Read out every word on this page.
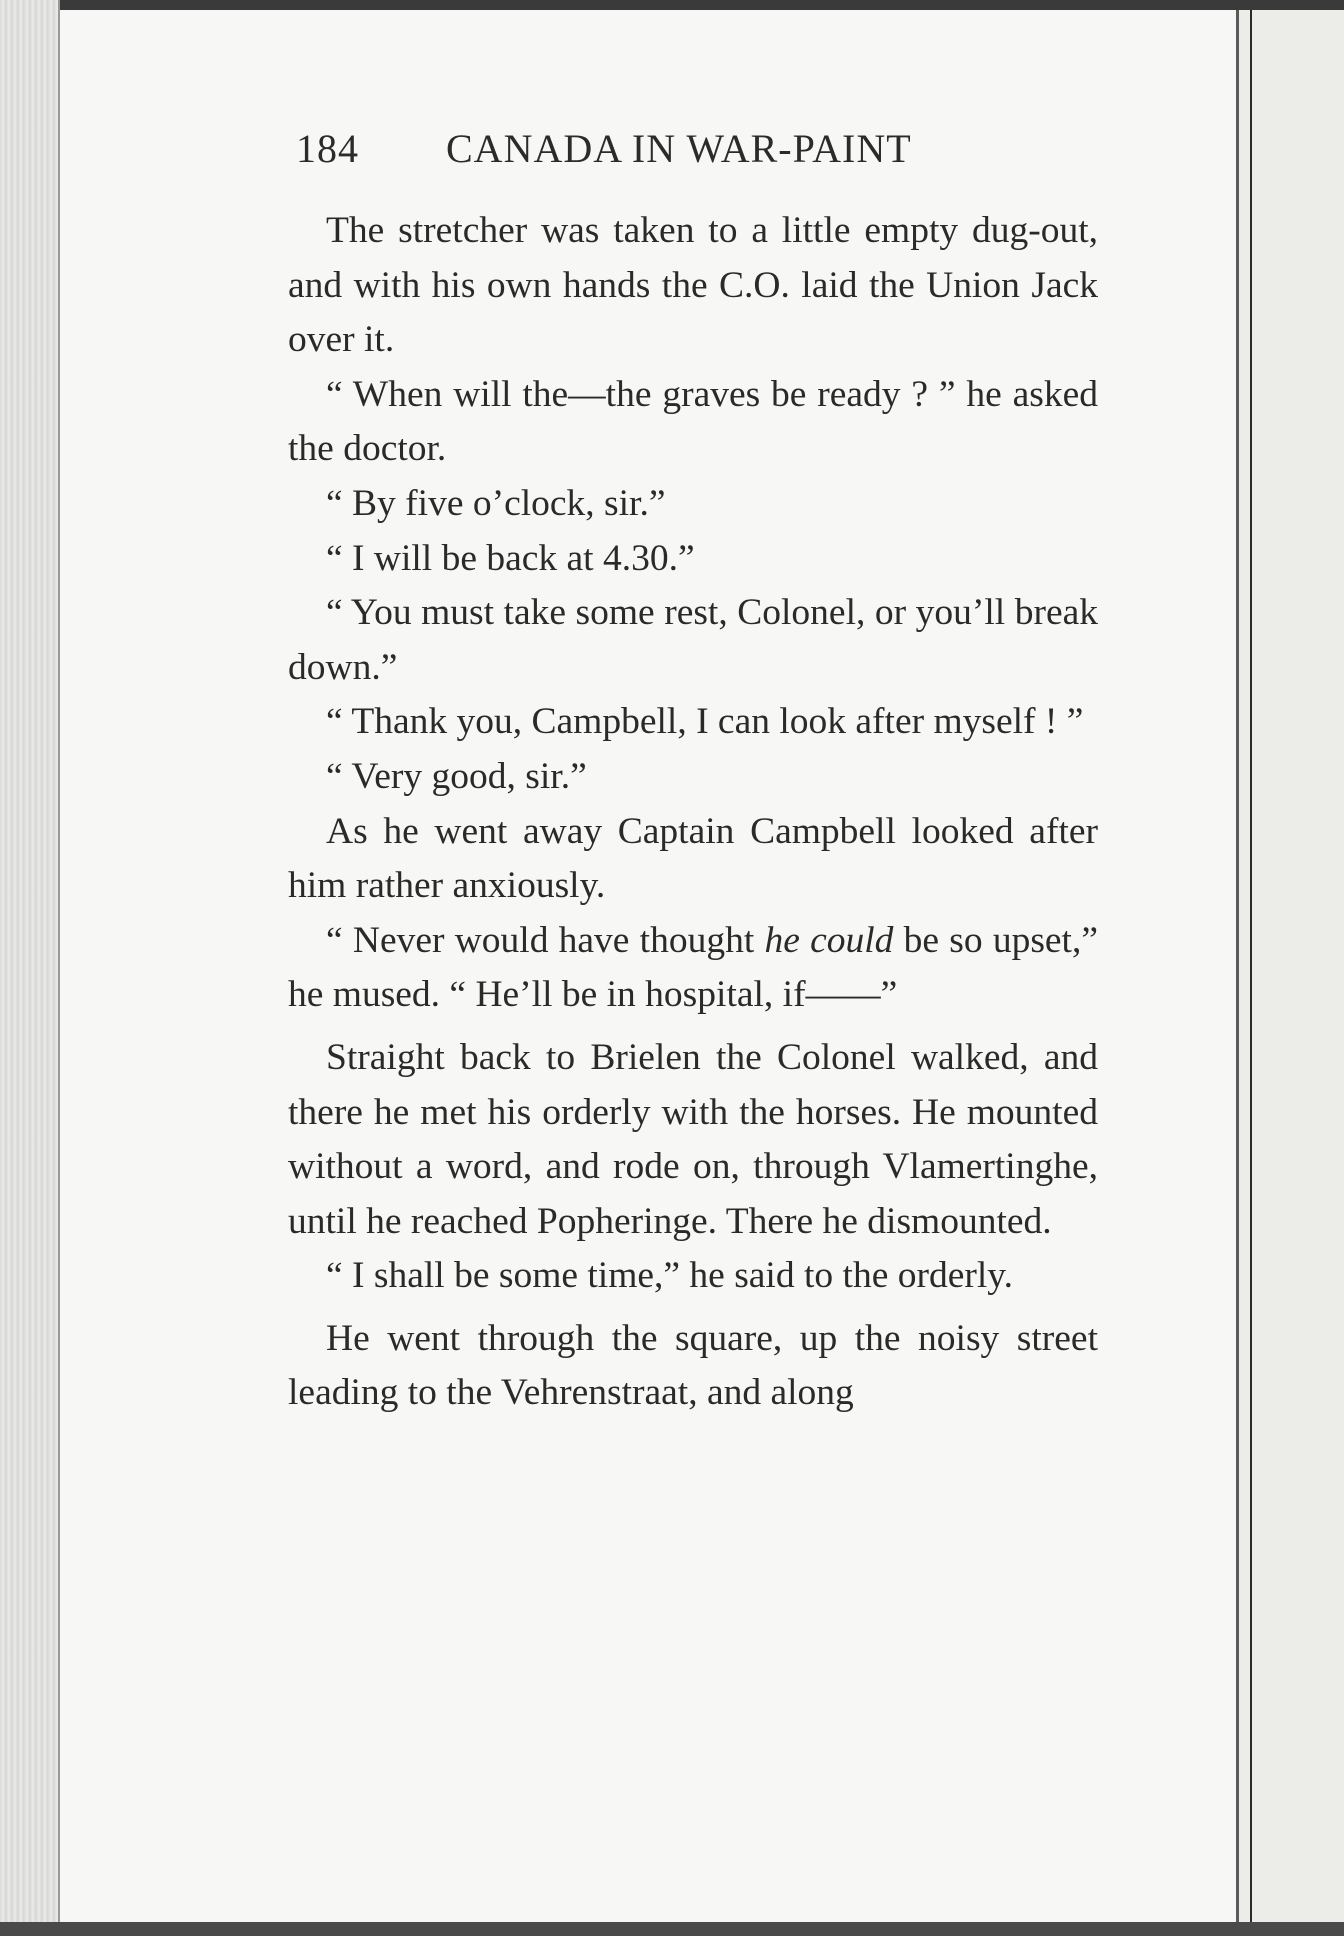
184 CANADA IN WAR-PAINT

The stretcher was taken to a little empty dug-out, and with his own hands the C.O. laid the Union Jack over it.

“ When will the—the graves be ready ? ” he asked the doctor.

“ By five o’clock, sir.”

“ I will be back at 4.30.”

“ You must take some rest, Colonel, or you’ll break down.”

“ Thank you, Campbell, I can look after myself ! ”

“ Very good, sir.”

As he went away Captain Campbell looked after him rather anxiously.

“ Never would have thought he could be so upset,” he mused. “ He’ll be in hospital, if——”

Straight back to Brielen the Colonel walked, and there he met his orderly with the horses. He mounted without a word, and rode on, through Vlamertinghe, until he reached Popheringe. There he dismounted.

“ I shall be some time,” he said to the orderly.

He went through the square, up the noisy street leading to the Vehrenstraat, and along
